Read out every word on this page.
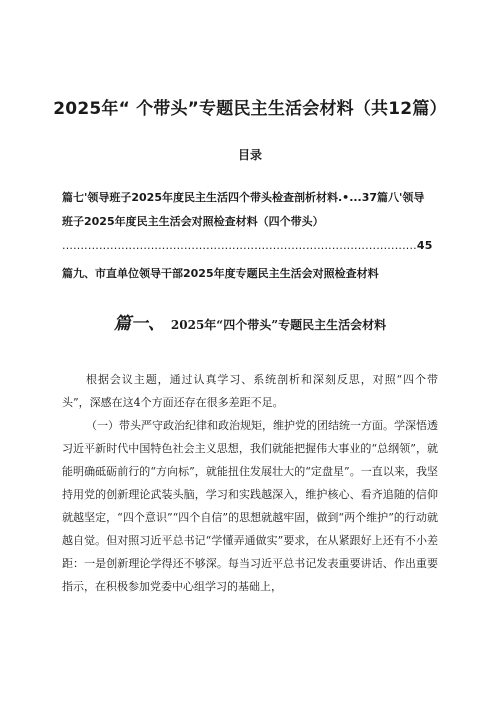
2025年“ 个带头”专题民主生活会材料（共12篇）
目录
篇七'领导班子2025年度民主生活四个带头检查剖析材料.•...37篇八'领导
班子2025年度民主生活会对照检查材料（四个带头）
................................................................................................45
篇九、市直单位领导干部2025年度专题民主生活会对照检查材料
篇一、 2025年“四个带头”专题民主生活会材料

根据会议主题，通过认真学习、系统剖析和深刻反思，对照“四个带头”，深感在这4个方面还存在很多差距不足。

（一）带头严守政治纪律和政治规矩，维护党的团结统一方面。学深悟透习近平新时代中国特色社会主义思想，我们就能把握伟大事业的“总纲领”，就能明确砥砺前行的“方向标”，就能扭住发展壮大的“定盘星”。一直以来，我坚持用党的创新理论武装头脑，学习和实践越深入，维护核心、看齐追随的信仰就越坚定，“四个意识”“四个自信”的思想就越牢固，做到“两个维护”的行动就越自觉。但对照习近平总书记“学懂弄通做实”要求，在从紧跟好上还有不小差距：一是创新理论学得还不够深。每当习近平总书记发表重要讲话、作出重要指示，在积极参加党委中心组学习的基础上，
